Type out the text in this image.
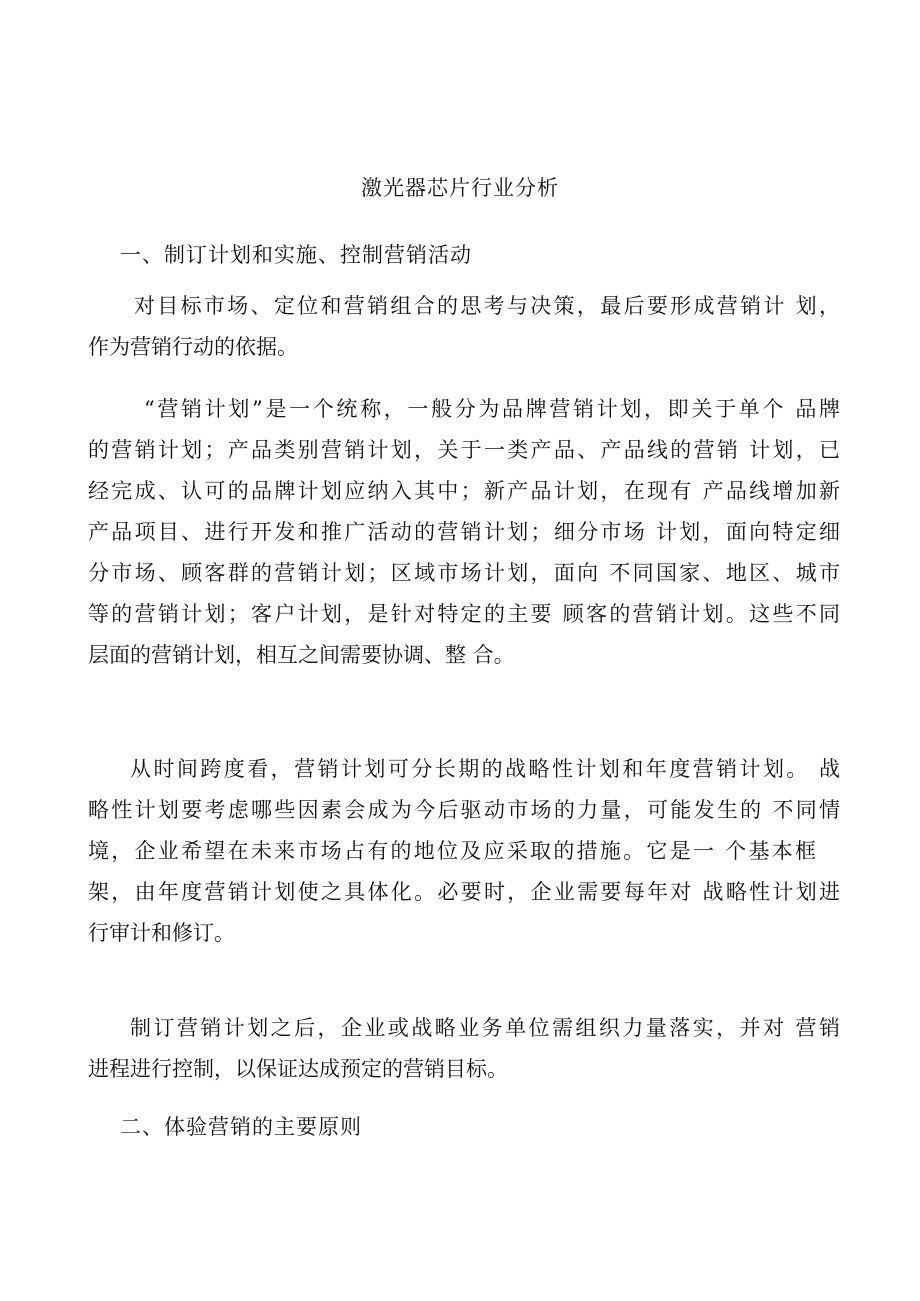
激光器芯片行业分析
一、制订计划和实施、控制营销活动
对目标市场、定位和营销组合的思考与决策，最后要形成营销计 划，
作为营销行动的依据。
“营销计划”是一个统称，一般分为品牌营销计划，即关于单个 品牌
的营销计划；产品类别营销计划，关于一类产品、产品线的营销 计划，已
经完成、认可的品牌计划应纳入其中；新产品计划，在现有 产品线增加新
产品项目、进行开发和推广活动的营销计划；细分市场 计划，面向特定细
分市场、顾客群的营销计划；区域市场计划，面向 不同国家、地区、城市
等的营销计划；客户计划，是针对特定的主要 顾客的营销计划。这些不同
层面的营销计划，相互之间需要协调、整 合。
从时间跨度看，营销计划可分长期的战略性计划和年度营销计划。 战
略性计划要考虑哪些因素会成为今后驱动市场的力量，可能发生的 不同情
境，企业希望在未来市场占有的地位及应采取的措施。它是一 个基本框
架，由年度营销计划使之具体化。必要时，企业需要每年对 战略性计划进
行审计和修订。
制订营销计划之后，企业或战略业务单位需组织力量落实，并对 营销
进程进行控制，以保证达成预定的营销目标。
二、体验营销的主要原则
